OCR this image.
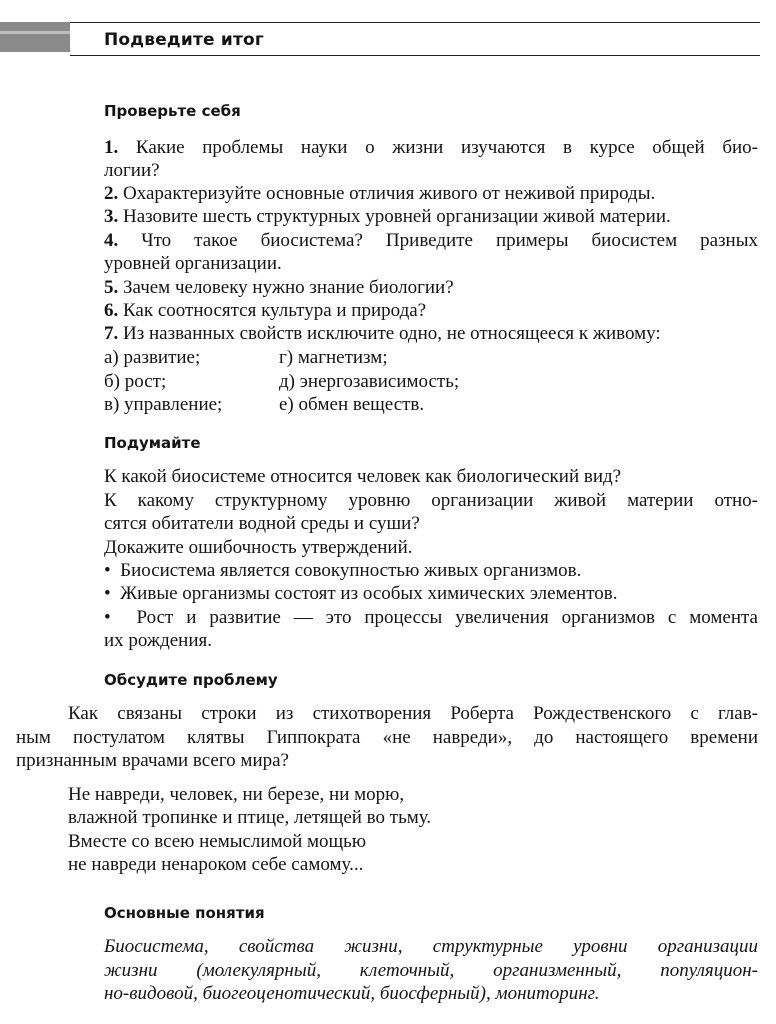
Подведите итог
Проверьте себя
1. Какие проблемы науки о жизни изучаются в курсе общей био-
логии?
2. Охарактеризуйте основные отличия живого от неживой природы.
3. Назовите шесть структурных уровней организации живой материи.
4. Что такое биосистема? Приведите примеры биосистем разных
уровней организации.
5. Зачем человеку нужно знание биологии?
6. Как соотносятся культура и природа?
7. Из названных свойств исключите одно, не относящееся к живому:
а) развитие;	г) магнетизм;
б) рост;	д) энергозависимость;
в) управление;	е) обмен веществ.
Подумайте
К какой биосистеме относится человек как биологический вид?
К какому структурному уровню организации живой материи отно-
сятся обитатели водной среды и суши?
Докажите ошибочность утверждений.
• Биосистема является совокупностью живых организмов.
• Живые организмы состоят из особых химических элементов.
• Рост и развитие — это процессы увеличения организмов с момента
их рождения.
Обсудите проблему
Как связаны строки из стихотворения Роберта Рождественского с глав-
ным постулатом клятвы Гиппократа «не навреди», до настоящего времени
признанным врачами всего мира?
Не навреди, человек, ни березе, ни морю,
влажной тропинке и птице, летящей во тьму.
Вместе со всею немыслимой мощью
не навреди ненароком себе самому...
Основные понятия
Биосистема, свойства жизни, структурные уровни организации
жизни (молекулярный, клеточный, организменный, популяцион-
но-видовой, биогеоценотический, биосферный), мониторинг.
